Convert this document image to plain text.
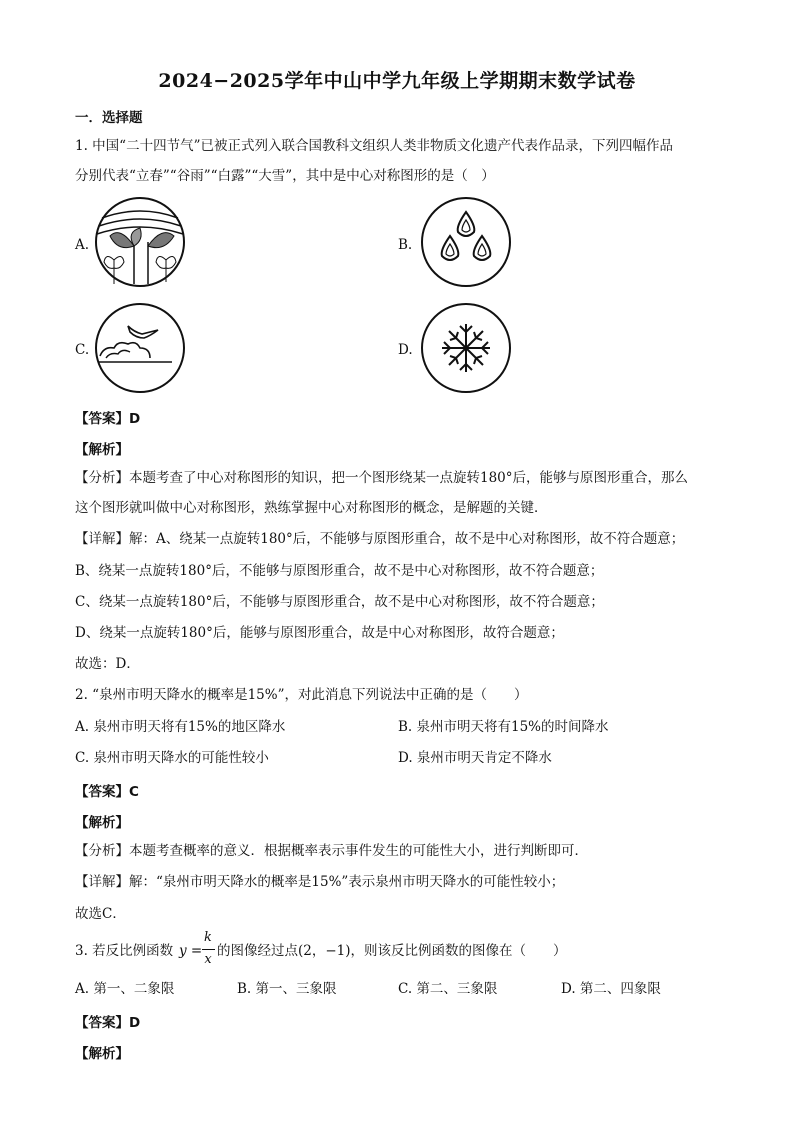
2024−2025学年中山中学九年级上学期期末数学试卷
一．选择题
1. 中国“二十四节气”已被正式列入联合国教科文组织人类非物质文化遗产代表作品录，下列四幅作品
分别代表“立春”“谷雨”“白露”“大雪”，其中是中心对称图形的是（　）
A.	B.
C.	D.
【答案】D
【解析】
【分析】本题考查了中心对称图形的知识，把一个图形绕某一点旋转180°后，能够与原图形重合，那么
这个图形就叫做中心对称图形，熟练掌握中心对称图形的概念，是解题的关键．
【详解】解：A、绕某一点旋转180°后，不能够与原图形重合，故不是中心对称图形，故不符合题意；
B、绕某一点旋转180°后，不能够与原图形重合，故不是中心对称图形，故不符合题意；
C、绕某一点旋转180°后，不能够与原图形重合，故不是中心对称图形，故不符合题意；
D、绕某一点旋转180°后，能够与原图形重合，故是中心对称图形，故符合题意；
故选：D．
2. “泉州市明天降水的概率是15%”，对此消息下列说法中正确的是（　　）
A. 泉州市明天将有15%的地区降水	B. 泉州市明天将有15%的时间降水
C. 泉州市明天降水的可能性较小	D. 泉州市明天肯定不降水
【答案】C
【解析】
【分析】本题考查概率的意义．根据概率表示事件发生的可能性大小，进行判断即可．
【详解】解：“泉州市明天降水的概率是15%”表示泉州市明天降水的可能性较小；
故选C．
3. 若反比例函数 y =
k
x
的图像经过点(2，−1)，则该反比例函数的图像在（　　）
A. 第一、二象限	B. 第一、三象限	C. 第二、三象限	D. 第二、四象限
【答案】D
【解析】
